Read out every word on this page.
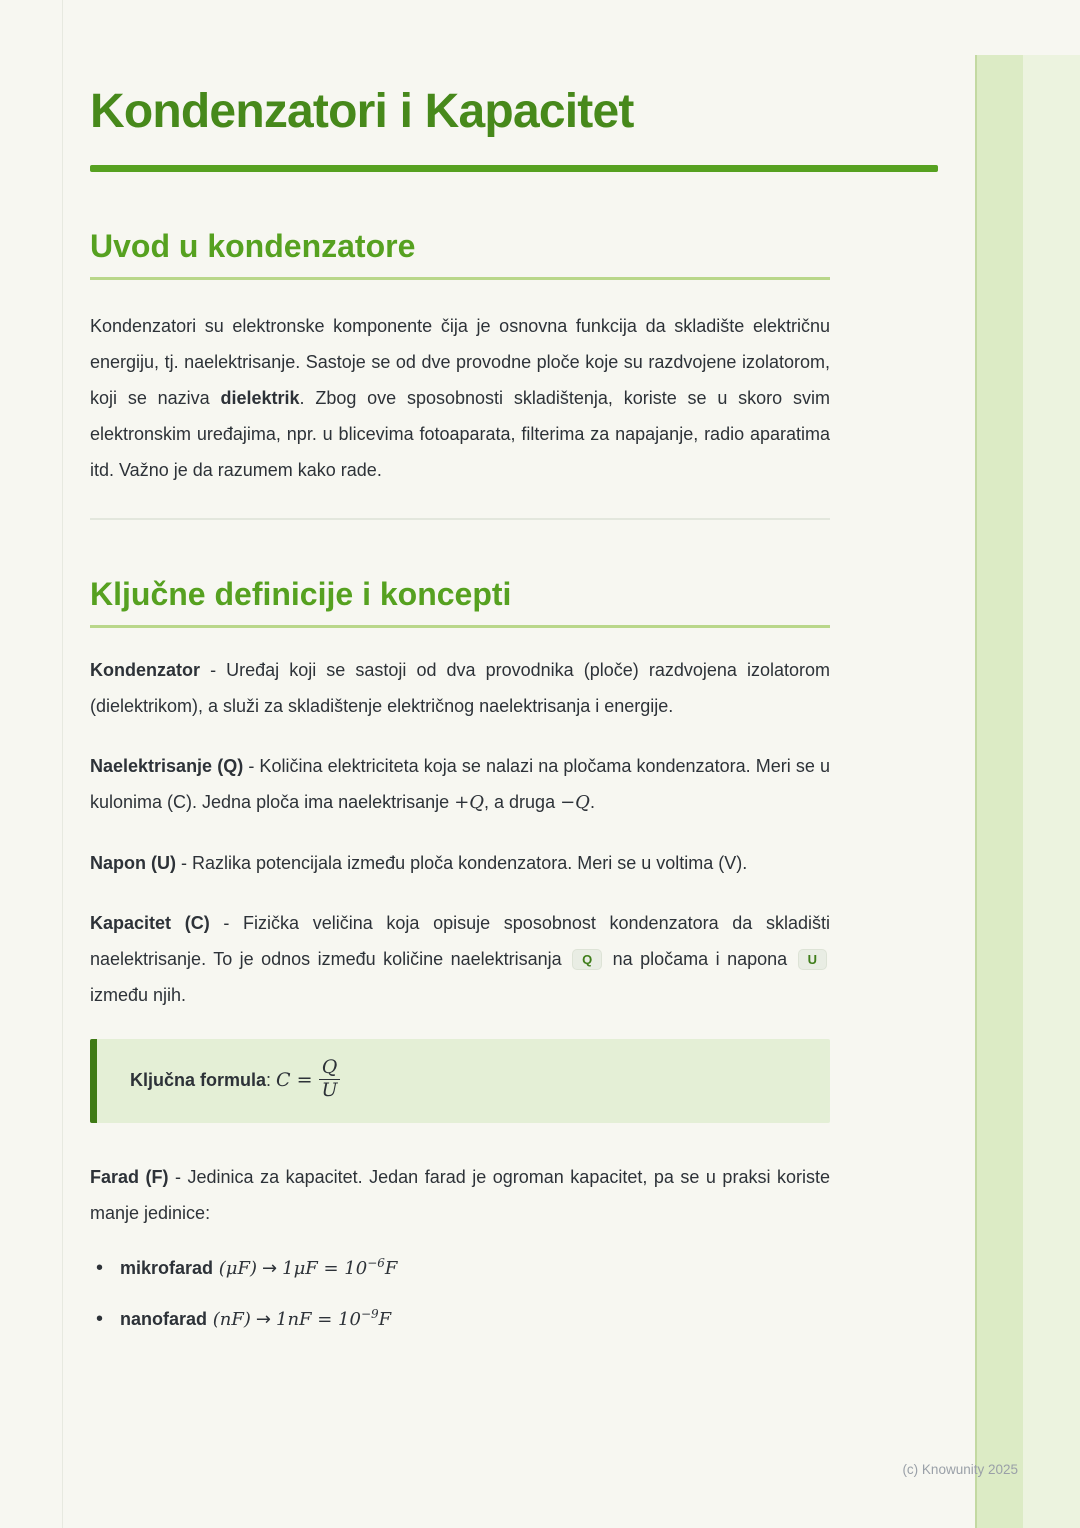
Kondenzatori i Kapacitet
Uvod u kondenzatore

Kondenzatori su elektronske komponente čija je osnovna funkcija da skladište električnu energiju, tj. naelektrisanje. Sastoje se od dve provodne ploče koje su razdvojene izolatorom, koji se naziva dielektrik. Zbog ove sposobnosti skladištenja, koriste se u skoro svim elektronskim uređajima, npr. u blicevima fotoaparata, filterima za napajanje, radio aparatima itd. Važno je da razumem kako rade.

Ključne definicije i koncepti

Kondenzator - Uređaj koji se sastoji od dva provodnika (ploče) razdvojena izolatorom (dielektrikom), a služi za skladištenje električnog naelektrisanja i energije.

Naelektrisanje (Q) - Količina elektriciteta koja se nalazi na pločama kondenzatora. Meri se u kulonima (C). Jedna ploča ima naelektrisanje +Q, a druga −Q.

Napon (U) - Razlika potencijala između ploča kondenzatora. Meri se u voltima (V).

Kapacitet (C) - Fizička veličina koja opisuje sposobnost kondenzatora da skladišti naelektrisanje. To je odnos između količine naelektrisanja Q na pločama i napona U između njih.

Ključna formula: $C = \frac{Q}{U}$

Farad (F) - Jedinica za kapacitet. Jedan farad je ogroman kapacitet, pa se u praksi koriste manje jedinice:

• mikrofarad $(\mu F) \to 1\mu F = 10^{-6}F$
• nanofarad $(nF) \to 1nF = 10^{-9}F$
(c) Knowunity 2025
